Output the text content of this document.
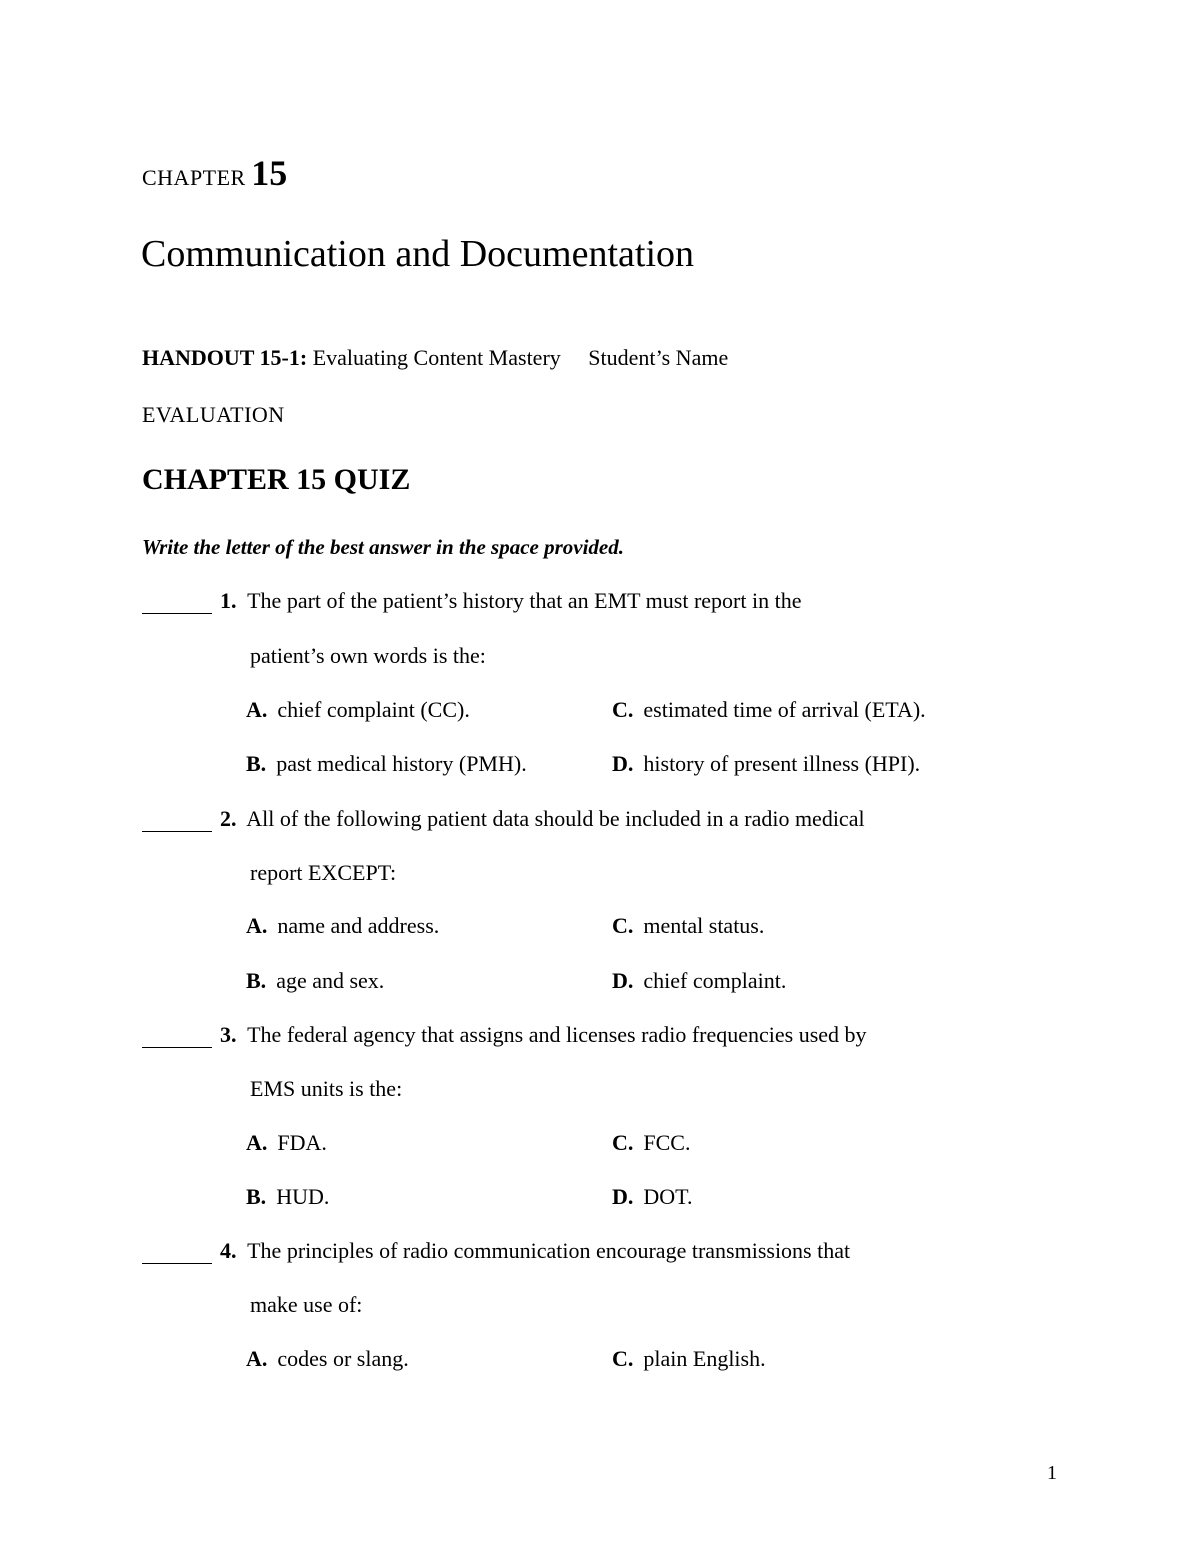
CHAPTER 15
Communication and Documentation
HANDOUT 15-1: Evaluating Content Mastery Student’s Name
EVALUATION
CHAPTER 15 QUIZ
Write the letter of the best answer in the space provided.
1. The part of the patient’s history that an EMT must report in the
patient’s own words is the:
A. chief complaint (CC).
B. past medical history (PMH).
C. estimated time of arrival (ETA).
D. history of present illness (HPI).
2. All of the following patient data should be included in a radio medical
report EXCEPT:
A. name and address.
B. age and sex.
C. mental status.
D. chief complaint.
3. The federal agency that assigns and licenses radio frequencies used by
EMS units is the:
A. FDA.
B. HUD.
C. FCC.
D. DOT.
4. The principles of radio communication encourage transmissions that
make use of:
A. codes or slang.	C. plain English.
1
